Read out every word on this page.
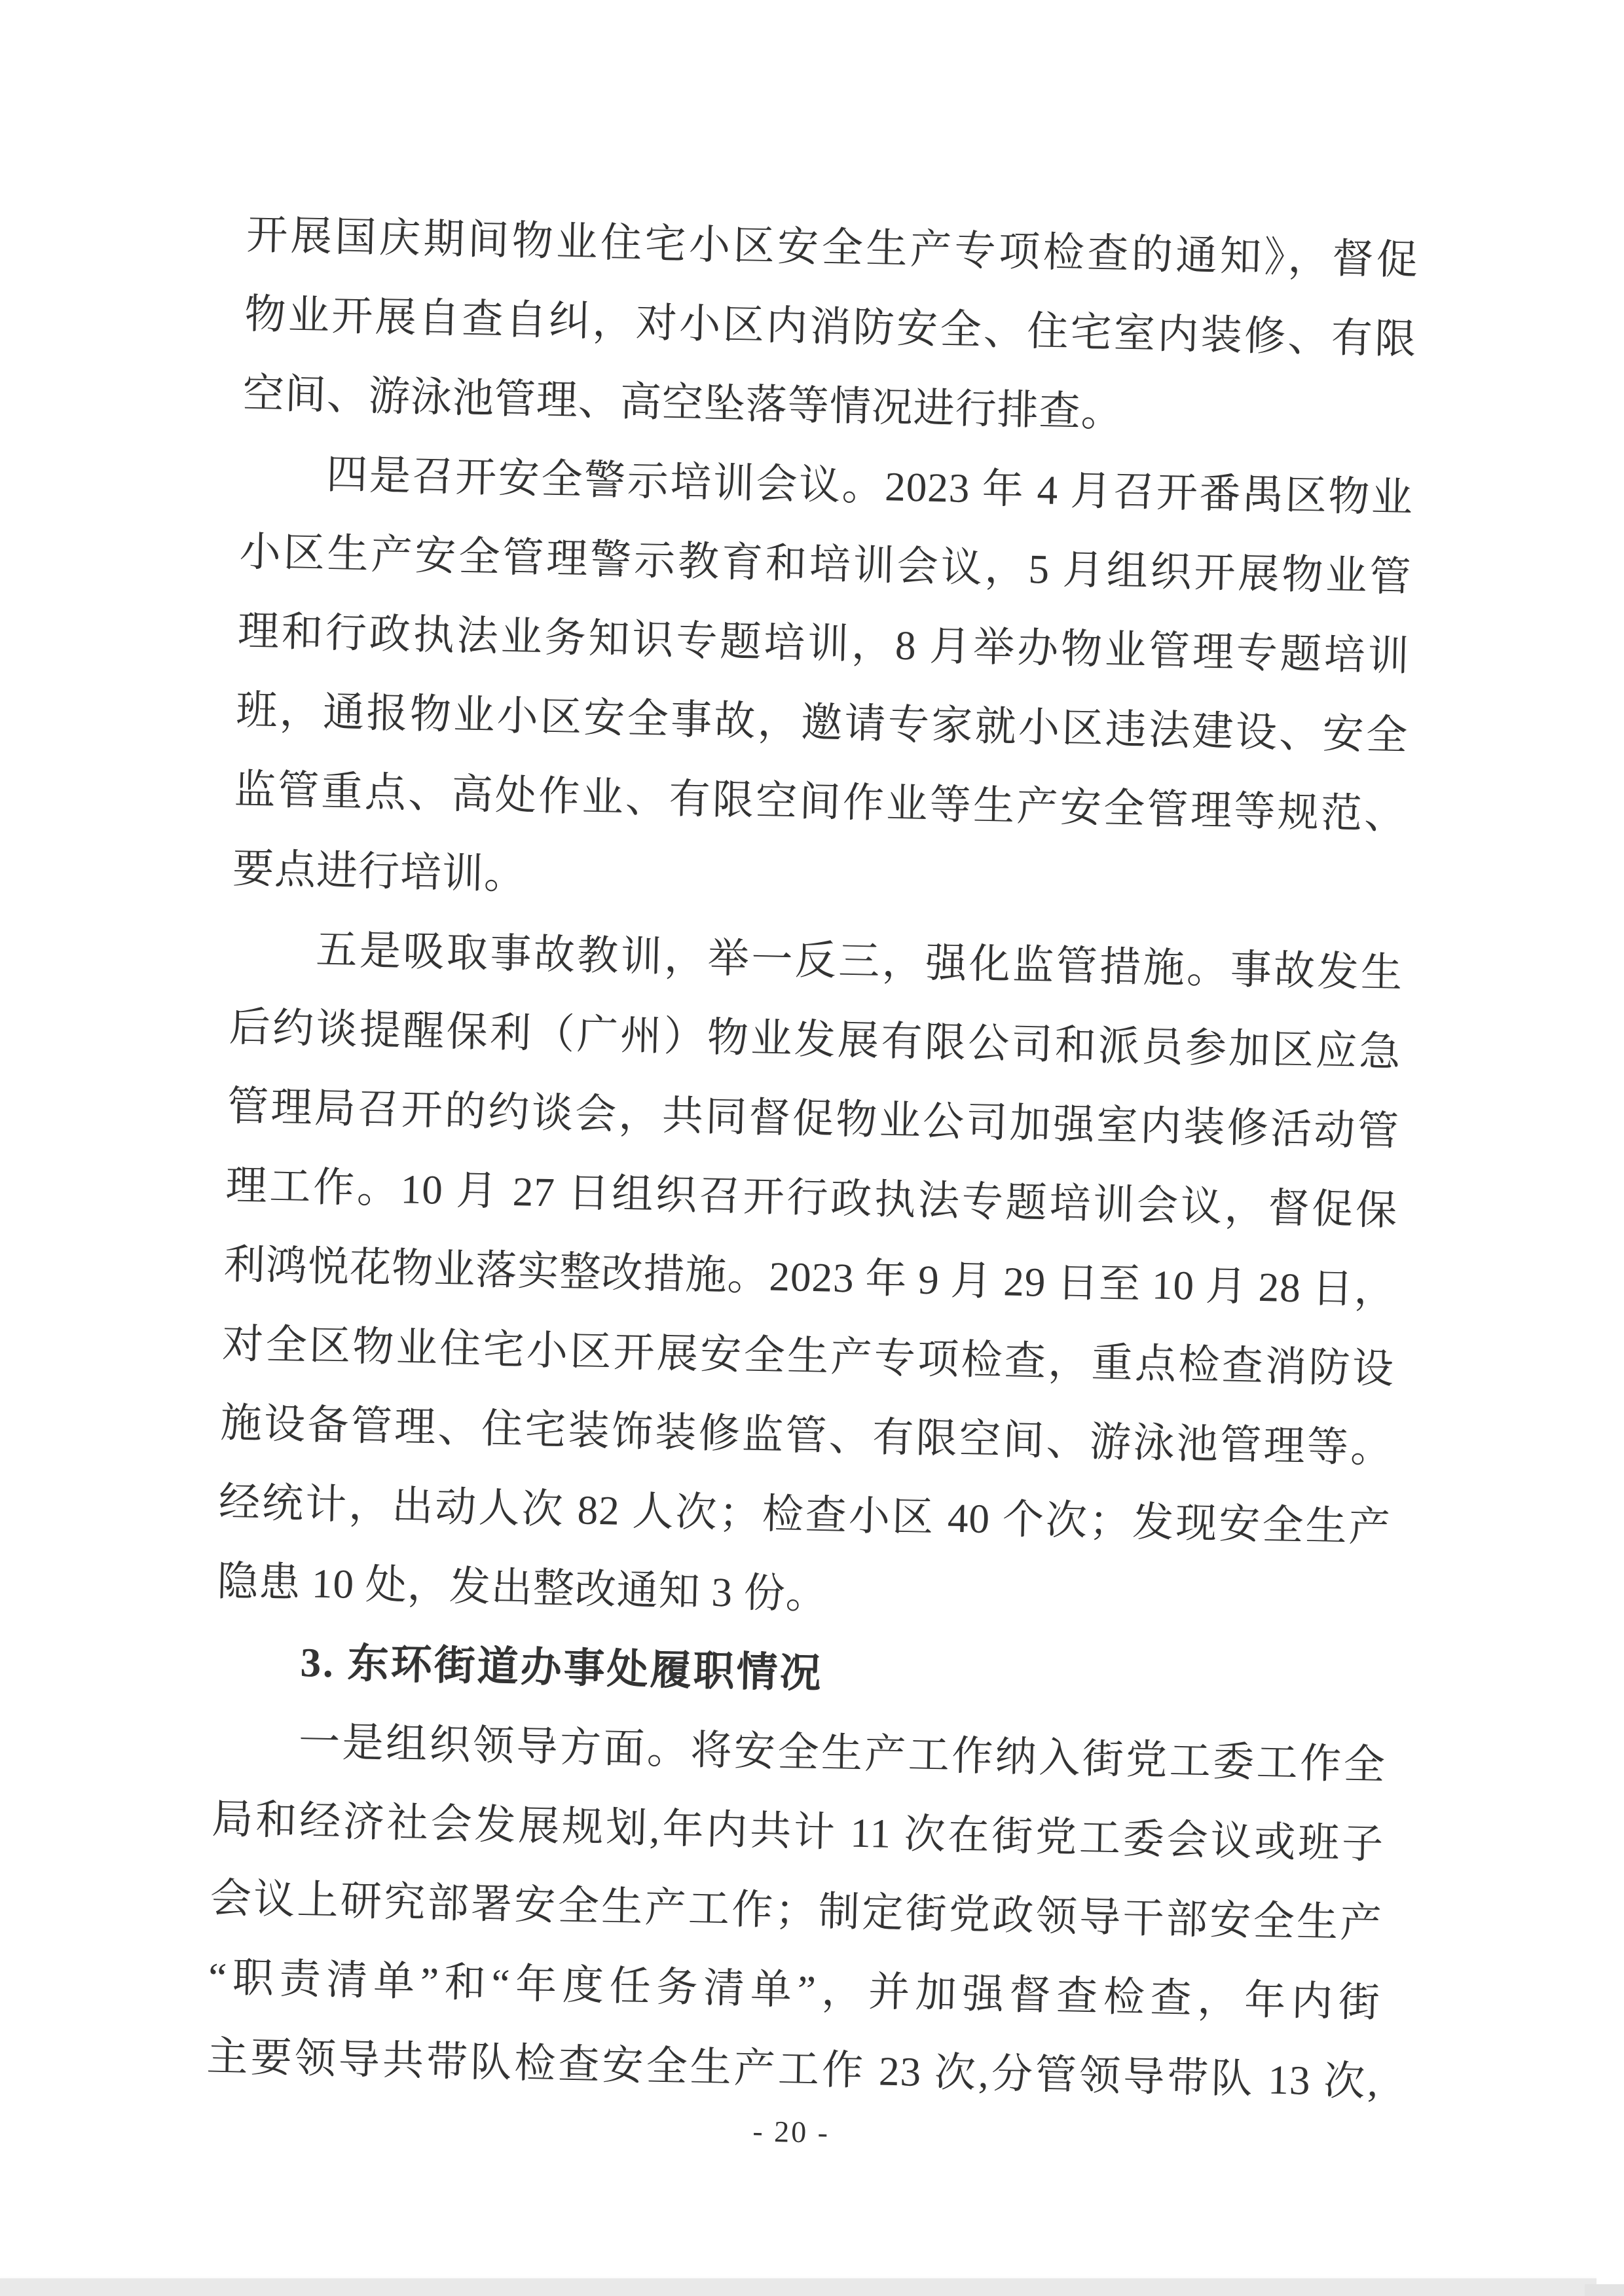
开展国庆期间物业住宅小区安全生产专项检查的通知》，督促
物业开展自查自纠，对小区内消防安全、住宅室内装修、有限
空间、游泳池管理、高空坠落等情况进行排查。
四是召开安全警示培训会议。2023 年 4 月召开番禺区物业
小区生产安全管理警示教育和培训会议，5 月组织开展物业管
理和行政执法业务知识专题培训，8 月举办物业管理专题培训
班，通报物业小区安全事故，邀请专家就小区违法建设、安全
监管重点、高处作业、有限空间作业等生产安全管理等规范、
要点进行培训。
五是吸取事故教训，举一反三，强化监管措施。事故发生
后约谈提醒保利（广州）物业发展有限公司和派员参加区应急
管理局召开的约谈会，共同督促物业公司加强室内装修活动管
理工作。10 月 27 日组织召开行政执法专题培训会议，督促保
利鸿悦花物业落实整改措施。2023 年 9 月 29 日至 10 月 28 日，
对全区物业住宅小区开展安全生产专项检查，重点检查消防设
施设备管理、住宅装饰装修监管、有限空间、游泳池管理等。
经统计，出动人次 82 人次；检查小区 40 个次；发现安全生产
隐患 10 处，发出整改通知 3 份。
3. 东环街道办事处履职情况
一是组织领导方面。将安全生产工作纳入街党工委工作全
局和经济社会发展规划,年内共计 11 次在街党工委会议或班子
会议上研究部署安全生产工作；制定街党政领导干部安全生产
“职责清单”和“年度任务清单”，并加强督查检查，年内街
主要领导共带队检查安全生产工作 23 次,分管领导带队 13 次,
- 20 -
